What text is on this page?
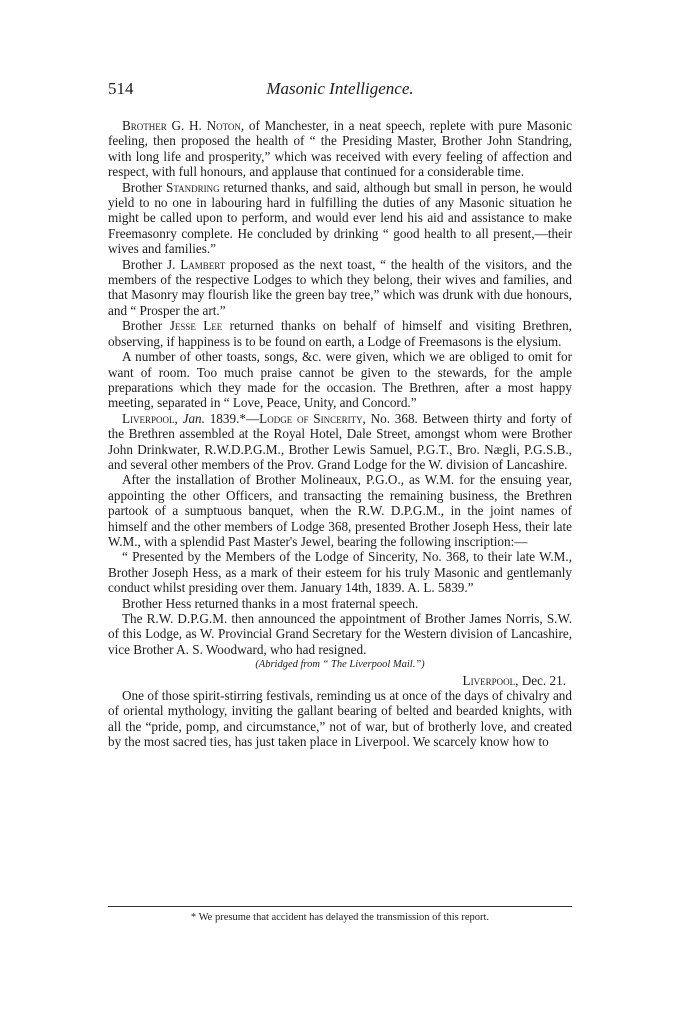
514	Masonic Intelligence.

Brother G. H. Noton, of Manchester, in a neat speech, replete with pure Masonic feeling, then proposed the health of “ the Presiding Master, Brother John Standring, with long life and prosperity,” which was received with every feeling of affection and respect, with full honours, and applause that continued for a considerable time.

Brother Standring returned thanks, and said, although but small in person, he would yield to no one in labouring hard in fulfilling the duties of any Masonic situation he might be called upon to perform, and would ever lend his aid and assistance to make Freemasonry complete. He concluded by drinking “ good health to all present,—their wives and families.”

Brother J. Lambert proposed as the next toast, “ the health of the visitors, and the members of the respective Lodges to which they belong, their wives and families, and that Masonry may flourish like the green bay tree,” which was drunk with due honours, and “ Prosper the art.”

Brother Jesse Lee returned thanks on behalf of himself and visiting Brethren, observing, if happiness is to be found on earth, a Lodge of Freemasons is the elysium.

A number of other toasts, songs, &c. were given, which we are obliged to omit for want of room. Too much praise cannot be given to the stewards, for the ample preparations which they made for the occasion. The Brethren, after a most happy meeting, separated in “ Love, Peace, Unity, and Concord.”

Liverpool, Jan. 1839.*—Lodge of Sincerity, No. 368. Between thirty and forty of the Brethren assembled at the Royal Hotel, Dale Street, amongst whom were Brother John Drinkwater, R.W.D.P.G.M., Brother Lewis Samuel, P.G.T., Bro. Nægli, P.G.S.B., and several other members of the Prov. Grand Lodge for the W. division of Lancashire.

After the installation of Brother Molineaux, P.G.O., as W.M. for the ensuing year, appointing the other Officers, and transacting the remaining business, the Brethren partook of a sumptuous banquet, when the R.W. D.P.G.M., in the joint names of himself and the other members of Lodge 368, presented Brother Joseph Hess, their late W.M., with a splendid Past Master's Jewel, bearing the following inscription:—

“ Presented by the Members of the Lodge of Sincerity, No. 368, to their late W.M., Brother Joseph Hess, as a mark of their esteem for his truly Masonic and gentlemanly conduct whilst presiding over them. January 14th, 1839. A. L. 5839.”

Brother Hess returned thanks in a most fraternal speech.

The R.W. D.P.G.M. then announced the appointment of Brother James Norris, S.W. of this Lodge, as W. Provincial Grand Secretary for the Western division of Lancashire, vice Brother A. S. Woodward, who had resigned.

(Abridged from “ The Liverpool Mail.”)

Liverpool, Dec. 21.

One of those spirit-stirring festivals, reminding us at once of the days of chivalry and of oriental mythology, inviting the gallant bearing of belted and bearded knights, with all the “pride, pomp, and circumstance,” not of war, but of brotherly love, and created by the most sacred ties, has just taken place in Liverpool. We scarcely know how to

* We presume that accident has delayed the transmission of this report.
